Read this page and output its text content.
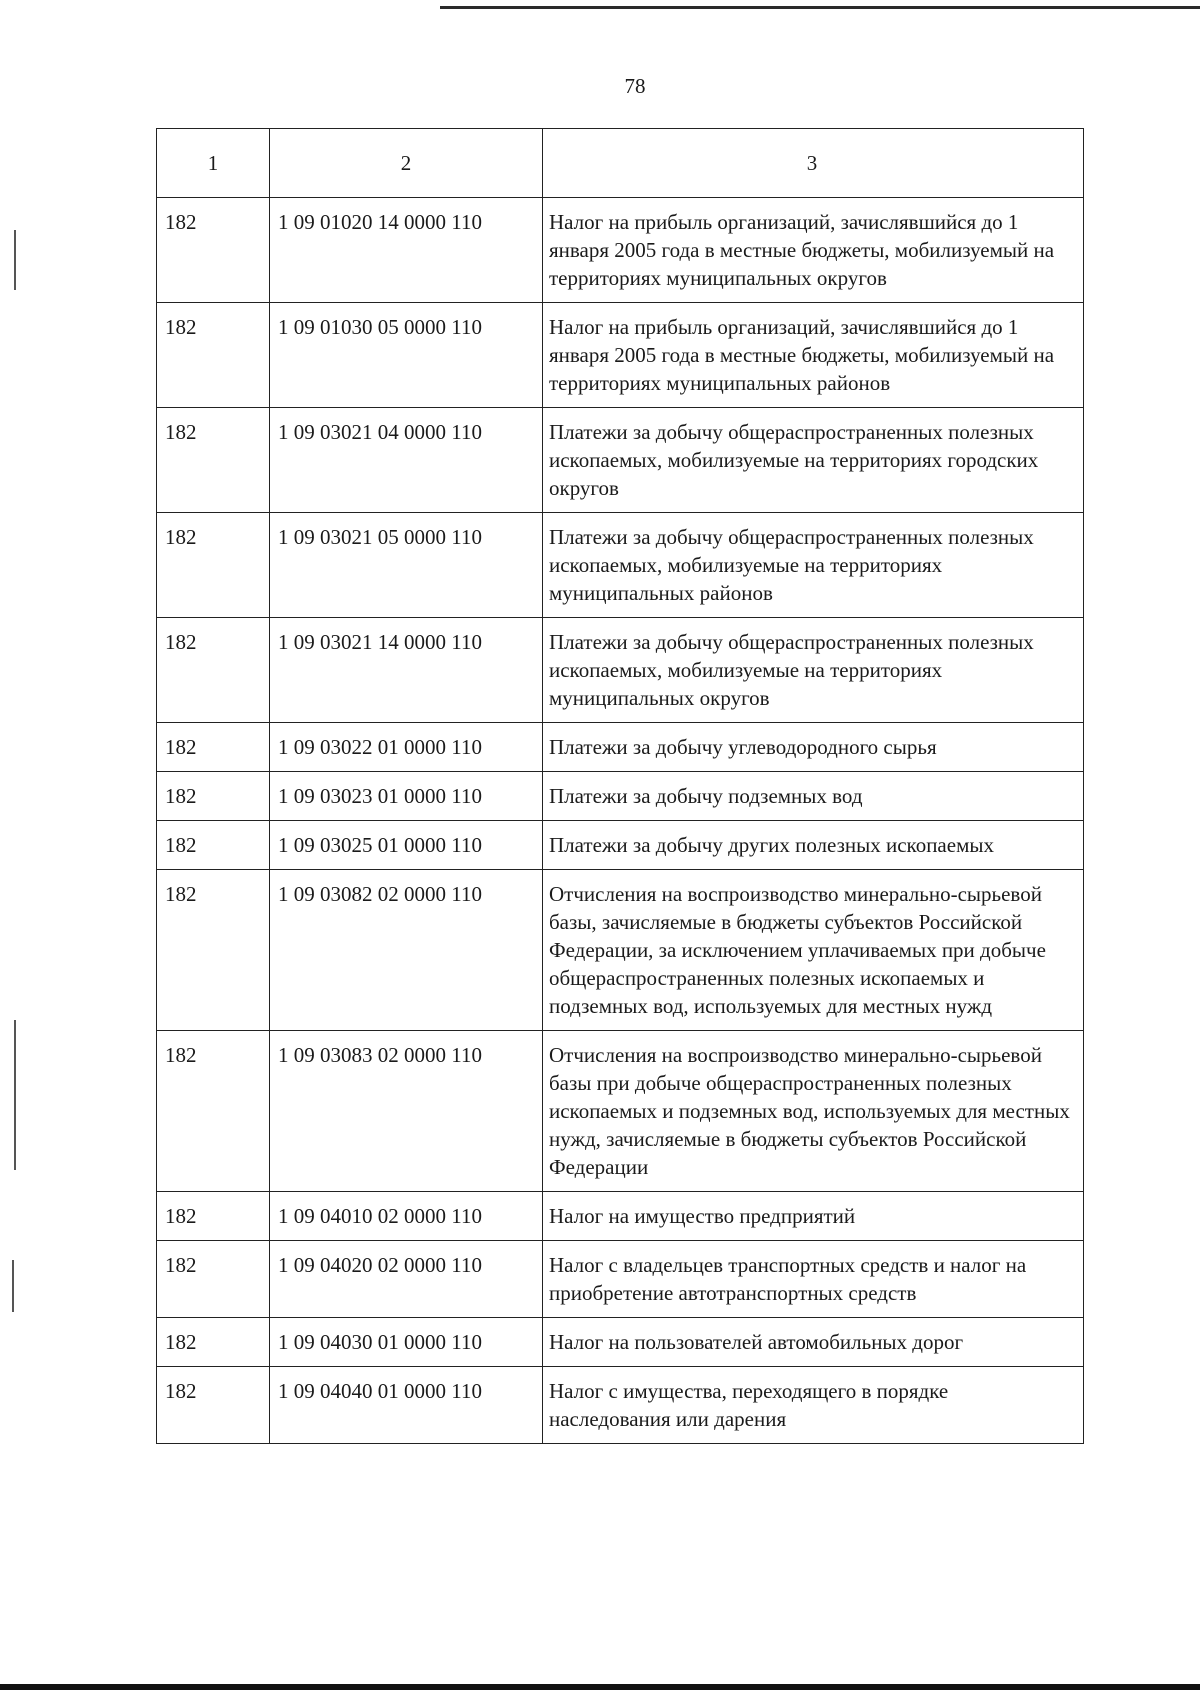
78
1	2	3
182	1 09 01020 14 0000 110	Налог на прибыль организаций, зачислявшийся до 1 января 2005 года в местные бюджеты, мобилизуемый на территориях муниципальных округов
182	1 09 01030 05 0000 110	Налог на прибыль организаций, зачислявшийся до 1 января 2005 года в местные бюджеты, мобилизуемый на территориях муниципальных районов
182	1 09 03021 04 0000 110	Платежи за добычу общераспространенных полезных ископаемых, мобилизуемые на территориях городских округов
182	1 09 03021 05 0000 110	Платежи за добычу общераспространенных полезных ископаемых, мобилизуемые на территориях муниципальных районов
182	1 09 03021 14 0000 110	Платежи за добычу общераспространенных полезных ископаемых, мобилизуемые на территориях муниципальных округов
182	1 09 03022 01 0000 110	Платежи за добычу углеводородного сырья
182	1 09 03023 01 0000 110	Платежи за добычу подземных вод
182	1 09 03025 01 0000 110	Платежи за добычу других полезных ископаемых
182	1 09 03082 02 0000 110	Отчисления на воспроизводство минерально-сырьевой базы, зачисляемые в бюджеты субъектов Российской Федерации, за исключением уплачиваемых при добыче общераспространенных полезных ископаемых и подземных вод, используемых для местных нужд
182	1 09 03083 02 0000 110	Отчисления на воспроизводство минерально-сырьевой базы при добыче общераспространенных полезных ископаемых и подземных вод, используемых для местных нужд, зачисляемые в бюджеты субъектов Российской Федерации
182	1 09 04010 02 0000 110	Налог на имущество предприятий
182	1 09 04020 02 0000 110	Налог с владельцев транспортных средств и налог на приобретение автотранспортных средств
182	1 09 04030 01 0000 110	Налог на пользователей автомобильных дорог
182	1 09 04040 01 0000 110	Налог с имущества, переходящего в порядке наследования или дарения
